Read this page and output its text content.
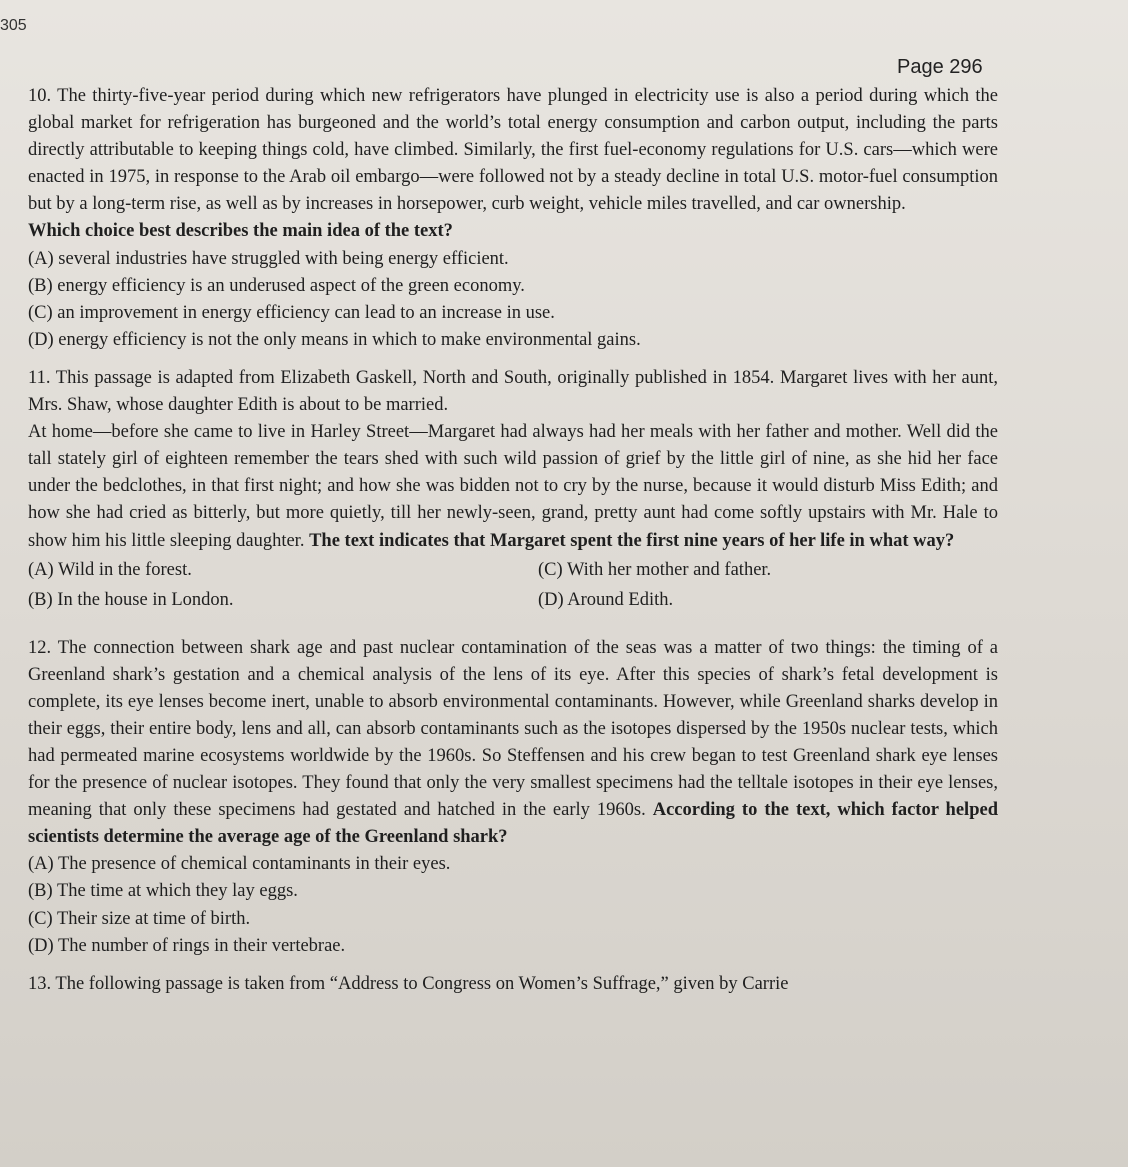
305
Page 296

10. The thirty-five-year period during which new refrigerators have plunged in electricity use is also a period during which the global market for refrigeration has burgeoned and the world’s total energy consumption and carbon output, including the parts directly attributable to keeping things cold, have climbed. Similarly, the first fuel-economy regulations for U.S. cars—which were enacted in 1975, in response to the Arab oil embargo—were followed not by a steady decline in total U.S. motor-fuel consumption but by a long-term rise, as well as by increases in horsepower, curb weight, vehicle miles travelled, and car ownership.

Which choice best describes the main idea of the text?

(A) several industries have struggled with being energy efficient.

(B) energy efficiency is an underused aspect of the green economy.

(C) an improvement in energy efficiency can lead to an increase in use.

(D) energy efficiency is not the only means in which to make environmental gains.

11. This passage is adapted from Elizabeth Gaskell, North and South, originally published in 1854. Margaret lives with her aunt, Mrs. Shaw, whose daughter Edith is about to be married.

At home—before she came to live in Harley Street—Margaret had always had her meals with her father and mother. Well did the tall stately girl of eighteen remember the tears shed with such wild passion of grief by the little girl of nine, as she hid her face under the bedclothes, in that first night; and how she was bidden not to cry by the nurse, because it would disturb Miss Edith; and how she had cried as bitterly, but more quietly, till her newly-seen, grand, pretty aunt had come softly upstairs with Mr. Hale to show him his little sleeping daughter. The text indicates that Margaret spent the first nine years of her life in what way?

(A) Wild in the forest.	(C) With her mother and father.
(B) In the house in London.	(D) Around Edith.

12. The connection between shark age and past nuclear contamination of the seas was a matter of two things: the timing of a Greenland shark’s gestation and a chemical analysis of the lens of its eye. After this species of shark’s fetal development is complete, its eye lenses become inert, unable to absorb environmental contaminants. However, while Greenland sharks develop in their eggs, their entire body, lens and all, can absorb contaminants such as the isotopes dispersed by the 1950s nuclear tests, which had permeated marine ecosystems worldwide by the 1960s. So Steffensen and his crew began to test Greenland shark eye lenses for the presence of nuclear isotopes. They found that only the very smallest specimens had the telltale isotopes in their eye lenses, meaning that only these specimens had gestated and hatched in the early 1960s. According to the text, which factor helped scientists determine the average age of the Greenland shark?

(A) The presence of chemical contaminants in their eyes.

(B) The time at which they lay eggs.

(C) Their size at time of birth.

(D) The number of rings in their vertebrae.

13. The following passage is taken from “Address to Congress on Women’s Suffrage,” given by Carrie
